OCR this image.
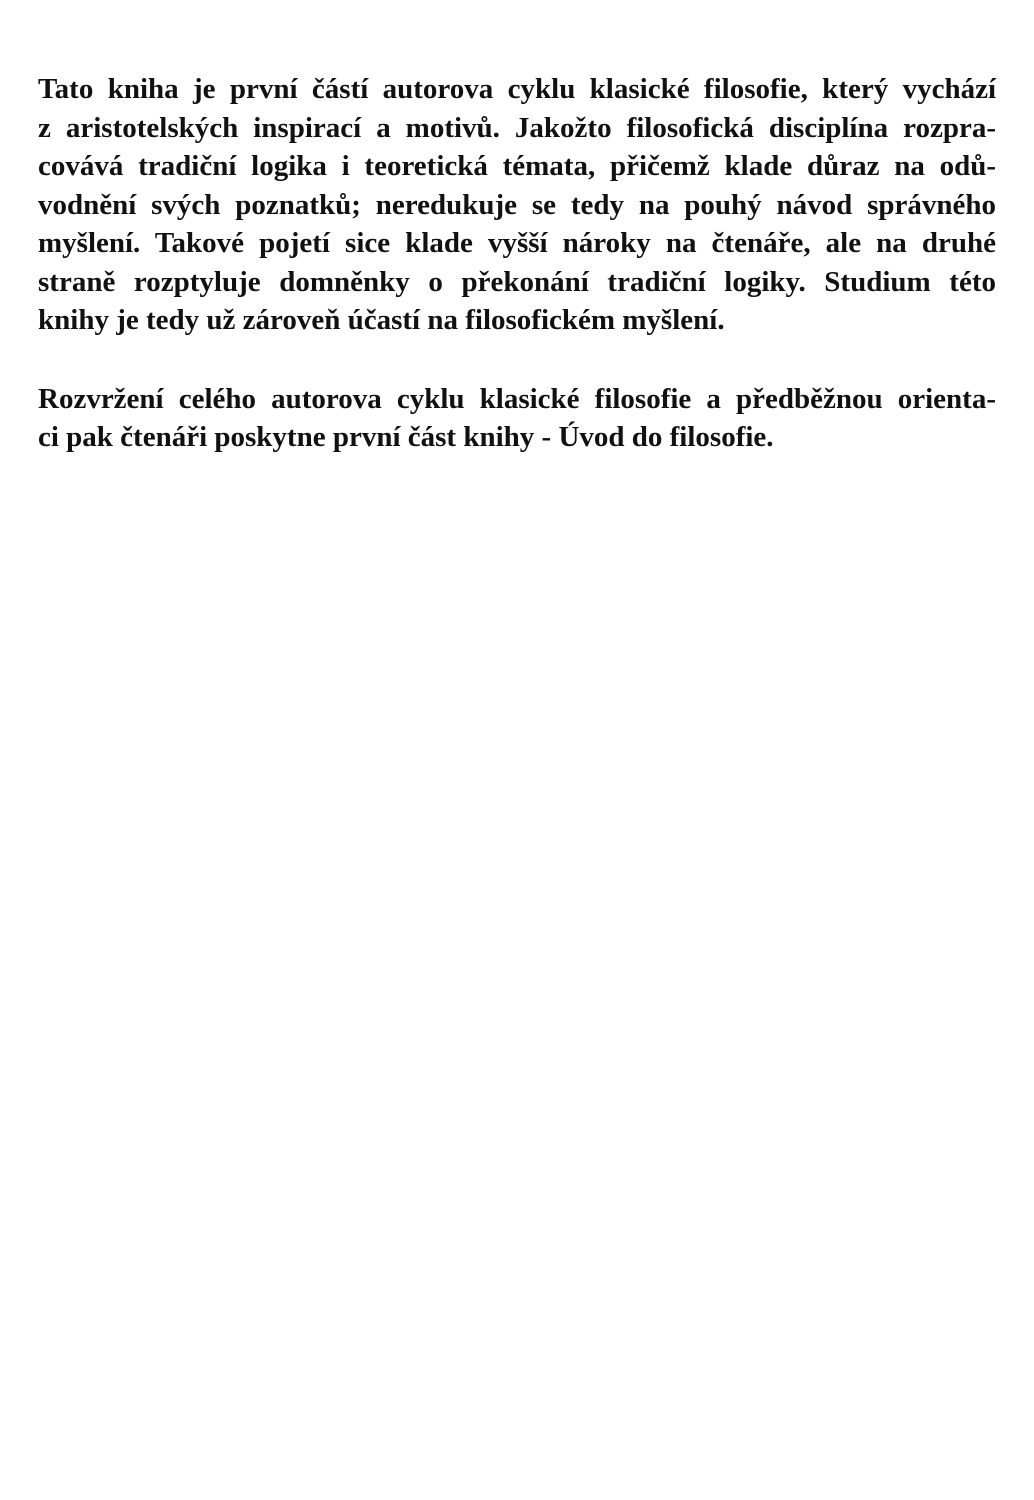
Tato kniha je první částí autorova cyklu klasické filosofie, který vychází
z aristotelských inspirací a motivů. Jakožto filosofická disciplína rozpra-
covává tradiční logika i teoretická témata, přičemž klade důraz na odů-
vodnění svých poznatků; neredukuje se tedy na pouhý návod správného
myšlení. Takové pojetí sice klade vyšší nároky na čtenáře, ale na druhé
straně rozptyluje domněnky o překonání tradiční logiky. Studium této
knihy je tedy už zároveň účastí na filosofickém myšlení.

Rozvržení celého autorova cyklu klasické filosofie a předběžnou orienta-
ci pak čtenáři poskytne první část knihy - Úvod do filosofie.
